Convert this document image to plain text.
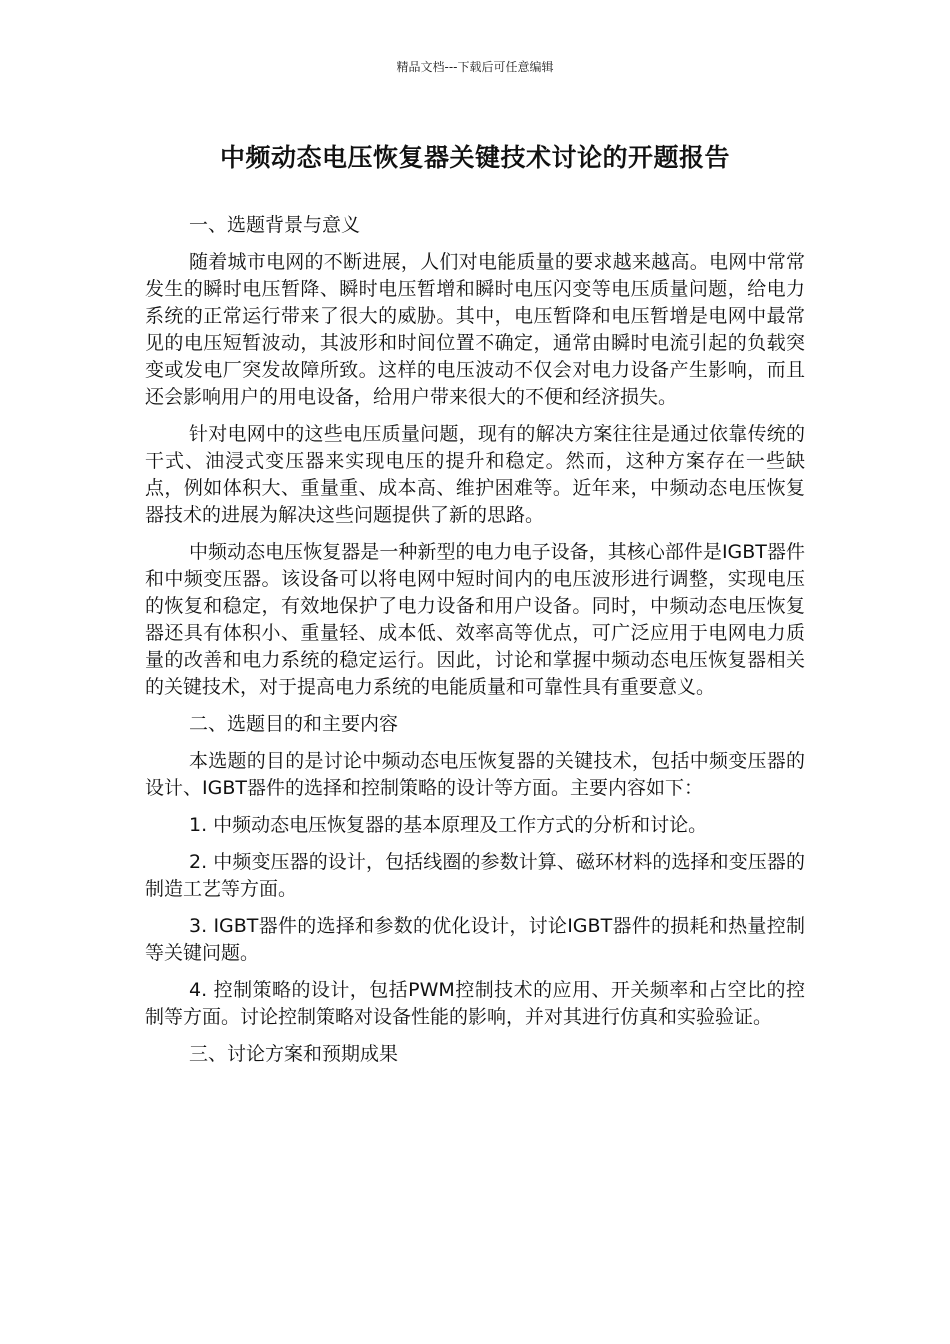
精品文档---下载后可任意编辑
中频动态电压恢复器关键技术讨论的开题报告

一、选题背景与意义

随着城市电网的不断进展，人们对电能质量的要求越来越高。电网中常常发生的瞬时电压暂降、瞬时电压暂增和瞬时电压闪变等电压质量问题，给电力系统的正常运行带来了很大的威胁。其中，电压暂降和电压暂增是电网中最常见的电压短暂波动，其波形和时间位置不确定，通常由瞬时电流引起的负载突变或发电厂突发故障所致。这样的电压波动不仅会对电力设备产生影响，而且还会影响用户的用电设备，给用户带来很大的不便和经济损失。

针对电网中的这些电压质量问题，现有的解决方案往往是通过依靠传统的干式、油浸式变压器来实现电压的提升和稳定。然而，这种方案存在一些缺点，例如体积大、重量重、成本高、维护困难等。近年来，中频动态电压恢复器技术的进展为解决这些问题提供了新的思路。

中频动态电压恢复器是一种新型的电力电子设备，其核心部件是IGBT器件和中频变压器。该设备可以将电网中短时间内的电压波形进行调整，实现电压的恢复和稳定，有效地保护了电力设备和用户设备。同时，中频动态电压恢复器还具有体积小、重量轻、成本低、效率高等优点，可广泛应用于电网电力质量的改善和电力系统的稳定运行。因此，讨论和掌握中频动态电压恢复器相关的关键技术，对于提高电力系统的电能质量和可靠性具有重要意义。

二、选题目的和主要内容

本选题的目的是讨论中频动态电压恢复器的关键技术，包括中频变压器的设计、IGBT器件的选择和控制策略的设计等方面。主要内容如下：

1. 中频动态电压恢复器的基本原理及工作方式的分析和讨论。

2. 中频变压器的设计，包括线圈的参数计算、磁环材料的选择和变压器的制造工艺等方面。

3. IGBT器件的选择和参数的优化设计，讨论IGBT器件的损耗和热量控制等关键问题。

4. 控制策略的设计，包括PWM控制技术的应用、开关频率和占空比的控制等方面。讨论控制策略对设备性能的影响，并对其进行仿真和实验验证。

三、讨论方案和预期成果
